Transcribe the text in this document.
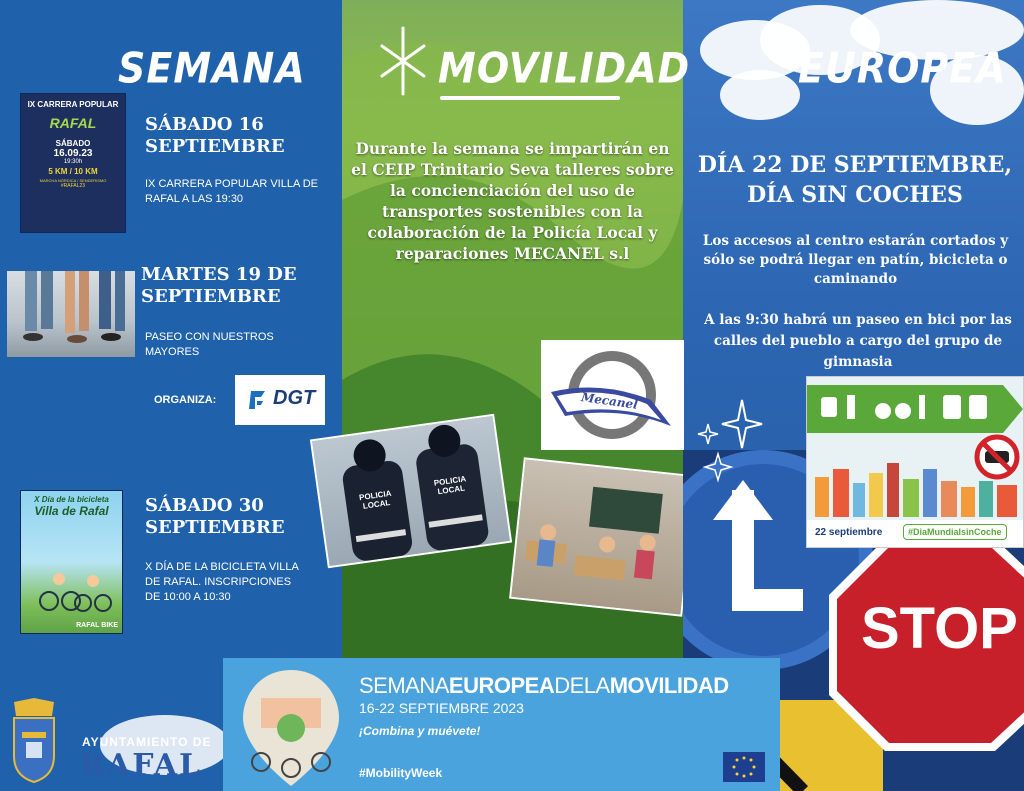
SEMANA	MOVILIDAD	EUROPEA
IX CARRERA POPULAR
RAFAL
SÁBADO
16.09.23
19:30h
5 KM / 10 KM
MARCHA NÓRDICA / SENDERISMO
#RAFAL23
SÁBADO 16 SEPTIEMBRE
IX CARRERA POPULAR VILLA DE RAFAL A LAS 19:30
MARTES 19 DE SEPTIEMBRE
PASEO CON NUESTROS MAYORES
ORGANIZA:	DGT
X Día de la bicicleta
Villa de Rafal
RAFAL BIKE
SÁBADO 30 SEPTIEMBRE
X DÍA DE LA BICICLETA VILLA DE RAFAL. INSCRIPCIONES DE 10:00 A 10:30
Durante la semana se impartirán en el CEIP Trinitario Seva talleres sobre la concienciación del uso de transportes sostenibles con la colaboración de la Policía Local y reparaciones MECANEL s.l
Mecanel
POLICIA LOCAL
POLICIA LOCAL
DÍA 22 DE SEPTIEMBRE, DÍA SIN COCHES
Los accesos al centro estarán cortados y sólo se podrá llegar en patín, bicicleta o caminando
A las 9:30 habrá un paseo en bici por las calles del pueblo a cargo del grupo de gimnasia
STOP
22 septiembre	#DiaMundialsinCoche
SEMANAEUROPEADELAMOVILIDAD
16-22 SEPTIEMBRE 2023
¡Combina y muévete!
#MobilityWeek
AYUNTAMIENTO DE
RAFAL
